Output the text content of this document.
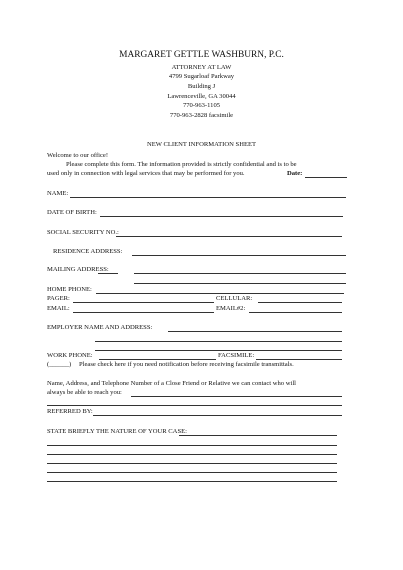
MARGARET GETTLE WASHBURN, P.C.
ATTORNEY AT LAW
4799 Sugarloaf Parkway
Building J
Lawrenceville, GA 30044
770-963-1105
770-963-2828 facsimile
NEW CLIENT INFORMATION SHEET
Welcome to our office!
Please complete this form. The information provided is strictly confidential and is to be
used only in connection with legal services that may be performed for you.	Date:
NAME:
DATE OF BIRTH:
SOCIAL SECURITY NO.:
RESIDENCE ADDRESS:
MAILING ADDRESS:
HOME PHONE:
PAGER:	CELLULAR:
EMAIL:	EMAIL#2:
EMPLOYER NAME AND ADDRESS:
WORK PHONE:	FACSIMILE:
(______) Please check here if you need notification before receiving facsimile transmittals.
Name, Address, and Telephone Number of a Close Friend or Relative we can contact who will
always be able to reach you:
REFERRED BY:
STATE BRIEFLY THE NATURE OF YOUR CASE:
